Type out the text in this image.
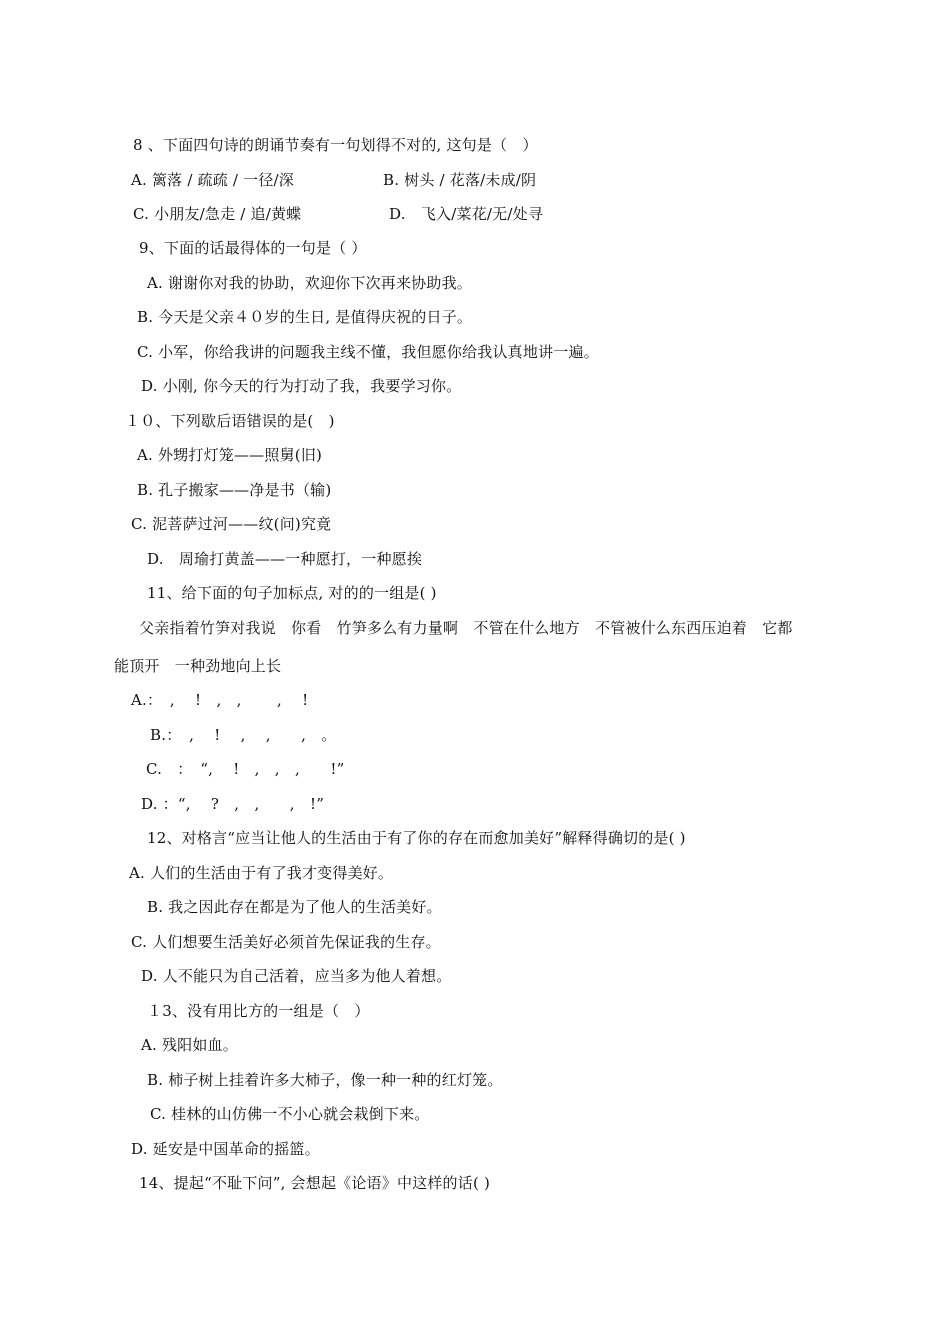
8 、下面四句诗的朗诵节奏有一句划得不对的, 这句是（　）
A. 篱落 / 疏疏 / 一径/深	B. 树头 / 花落/未成/阴
C. 小朋友/急走 / 追/黄蝶	D.　飞入/菜花/无/处寻
9、下面的话最得体的一句是（ ）
A. 谢谢你对我的协助，欢迎你下次再来协助我。
B. 今天是父亲４０岁的生日, 是值得庆祝的日子。
C. 小军，你给我讲的问题我主线不懂，我但愿你给我认真地讲一遍。
D. 小刚, 你今天的行为打动了我，我要学习你。
１０、下列歇后语错误的是(　)
A. 外甥打灯笼——照舅(旧)
B. 孔子搬家——净是书（输)
C. 泥菩萨过河——纹(问)究竟
D.　周瑜打黄盖——一种愿打，一种愿挨
11、给下面的句子加标点, 对的的一组是( )
父亲指着竹笋对我说　你看　竹笋多么有力量啊　不管在什么地方　不管被什么东西压迫着　它都
能顶开　一种劲地向上长
A.：　,　 !　,　,　　 ,　 !
B.：　,　 !　 ,　 ,　　,　。
C.　：　“,　 !　,　,　,　　!”
D. ：“,　 ?　,　,　　,　!”
12、对格言“应当让他人的生活由于有了你的存在而愈加美好”解释得确切的是( )
A. 人们的生活由于有了我才变得美好。
B. 我之因此存在都是为了他人的生活美好。
C. 人们想要生活美好必须首先保证我的生存。
D. 人不能只为自己活着，应当多为他人着想。
１3、没有用比方的一组是（　）
A. 残阳如血。
B. 柿子树上挂着许多大柿子，像一种一种的红灯笼。
C. 桂林的山仿佛一不小心就会栽倒下来。
D. 延安是中国革命的摇篮。
14、提起“不耻下问”, 会想起《论语》中这样的话( )
